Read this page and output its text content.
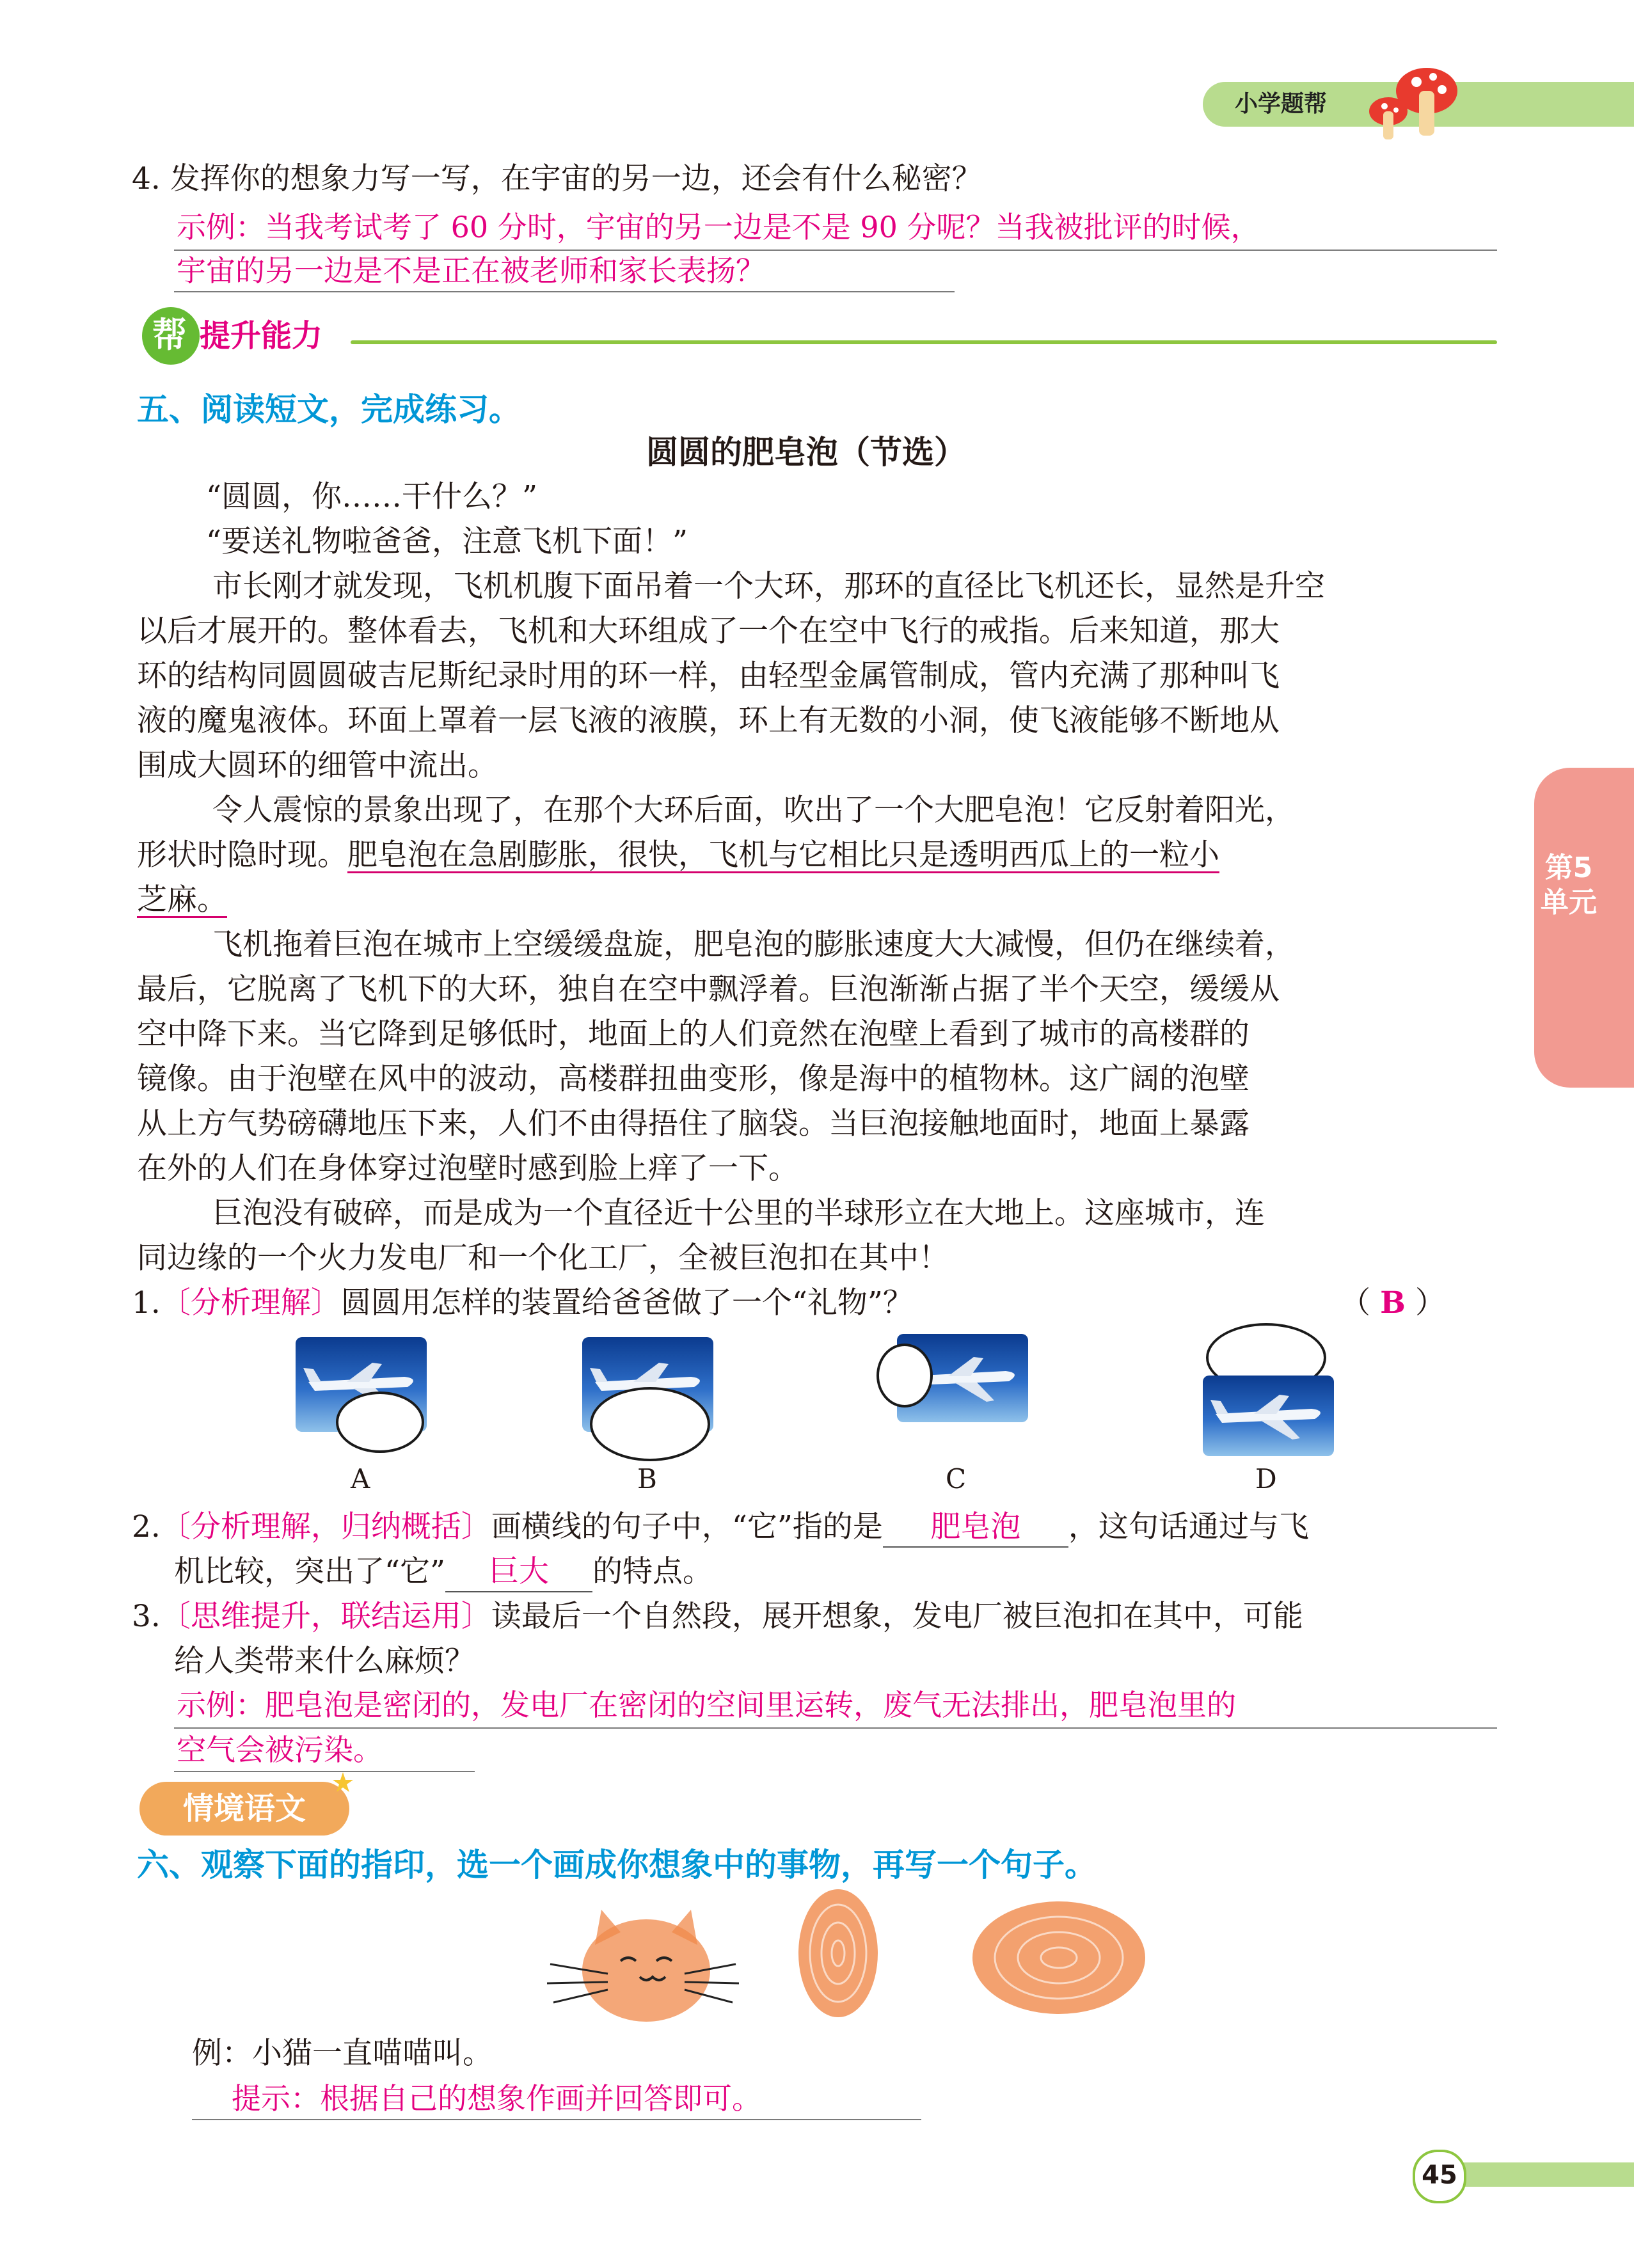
小学题帮
4. 发挥你的想象力写一写，在宇宙的另一边，还会有什么秘密？
示例：当我考试考了 60 分时，宇宙的另一边是不是 90 分呢？当我被批评的时候，
宇宙的另一边是不是正在被老师和家长表扬？
帮 提升能力
五、阅读短文，完成练习。
圆圆的肥皂泡（节选）
“圆圆，你……干什么？”
“要送礼物啦爸爸，注意飞机下面！”
市长刚才就发现，飞机机腹下面吊着一个大环，那环的直径比飞机还长，显然是升空
以后才展开的。整体看去，飞机和大环组成了一个在空中飞行的戒指。后来知道，那大
环的结构同圆圆破吉尼斯纪录时用的环一样，由轻型金属管制成，管内充满了那种叫飞
液的魔鬼液体。环面上罩着一层飞液的液膜，环上有无数的小洞，使飞液能够不断地从
围成大圆环的细管中流出。
令人震惊的景象出现了，在那个大环后面，吹出了一个大肥皂泡！它反射着阳光，
形状时隐时现。肥皂泡在急剧膨胀，很快，飞机与它相比只是透明西瓜上的一粒小
芝麻。
飞机拖着巨泡在城市上空缓缓盘旋，肥皂泡的膨胀速度大大减慢，但仍在继续着，
最后，它脱离了飞机下的大环，独自在空中飘浮着。巨泡渐渐占据了半个天空，缓缓从
空中降下来。当它降到足够低时，地面上的人们竟然在泡壁上看到了城市的高楼群的
镜像。由于泡壁在风中的波动，高楼群扭曲变形，像是海中的植物林。这广阔的泡壁
从上方气势磅礴地压下来，人们不由得捂住了脑袋。当巨泡接触地面时，地面上暴露
在外的人们在身体穿过泡壁时感到脸上痒了一下。
巨泡没有破碎，而是成为一个直径近十公里的半球形立在大地上。这座城市，连
同边缘的一个火力发电厂和一个化工厂，全被巨泡扣在其中！
第5单元
1.〔分析理解〕圆圆用怎样的装置给爸爸做了一个“礼物”？	（ B ）
A	B	C	D
2.〔分析理解，归纳概括〕画横线的句子中，“它”指的是 肥皂泡 ，这句话通过与飞
机比较，突出了“它” 巨大 的特点。
3.〔思维提升，联结运用〕读最后一个自然段，展开想象，发电厂被巨泡扣在其中，可能
给人类带来什么麻烦？
示例：肥皂泡是密闭的，发电厂在密闭的空间里运转，废气无法排出，肥皂泡里的
空气会被污染。
情境语文
六、观察下面的指印，选一个画成你想象中的事物，再写一个句子。
例：小猫一直喵喵叫。
提示：根据自己的想象作画并回答即可。
45
